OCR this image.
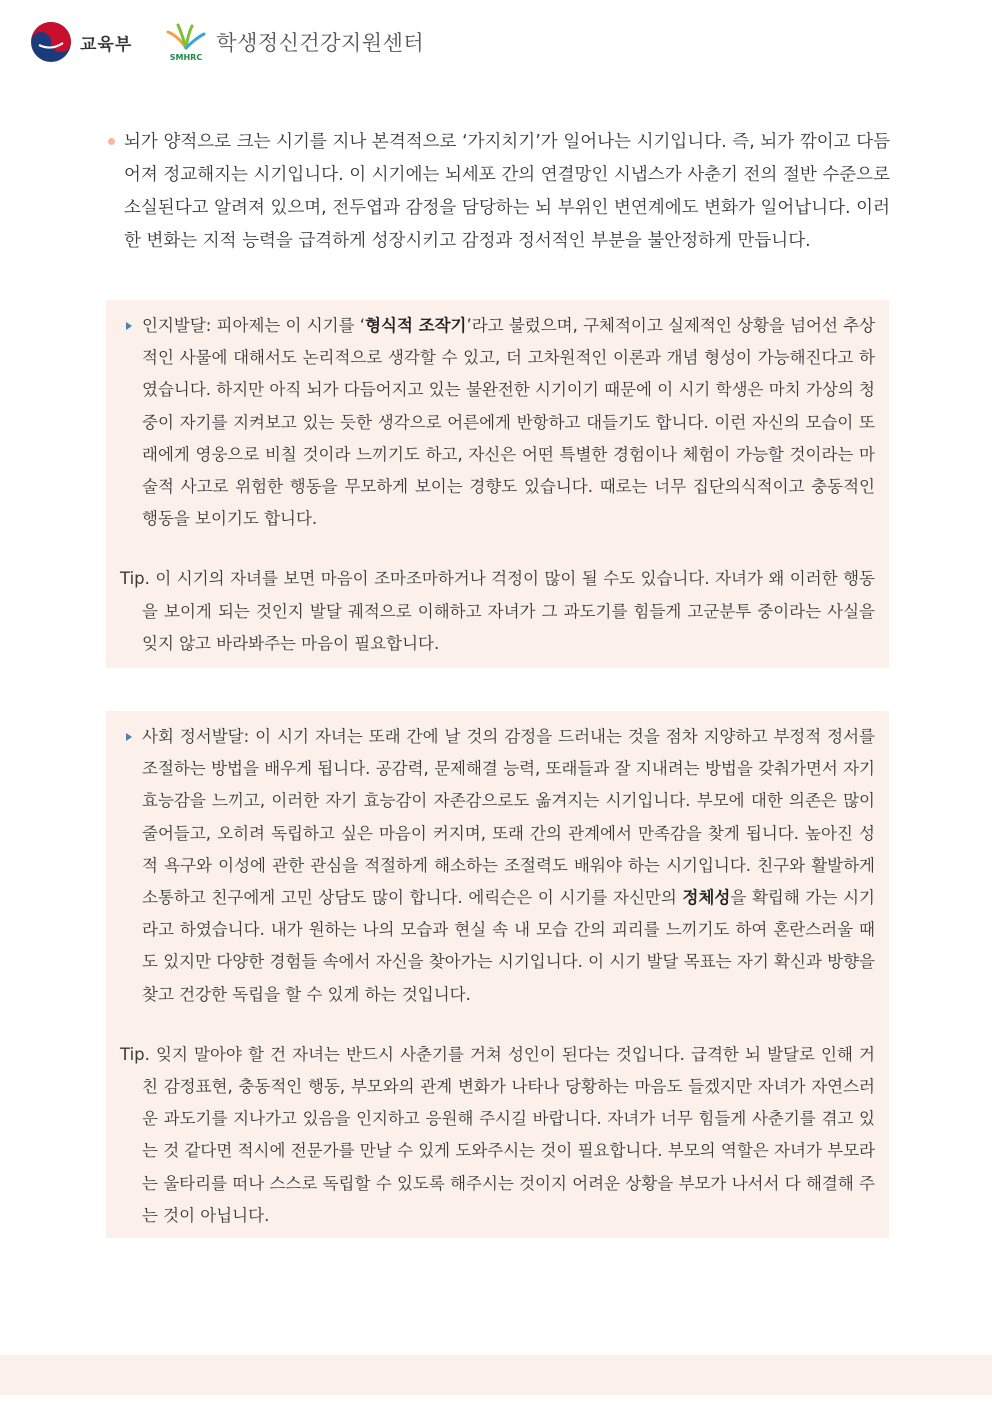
교육부
SMHRC
학생정신건강지원센터

뇌가 양적으로 크는 시기를 지나 본격적으로 ‘가지치기’가 일어나는 시기입니다. 즉, 뇌가 깎이고 다듬어져 정교해지는 시기입니다. 이 시기에는 뇌세포 간의 연결망인 시냅스가 사춘기 전의 절반 수준으로 소실된다고 알려져 있으며, 전두엽과 감정을 담당하는 뇌 부위인 변연계에도 변화가 일어납니다. 이러한 변화는 지적 능력을 급격하게 성장시키고 감정과 정서적인 부분을 불안정하게 만듭니다.

인지발달: 피아제는 이 시기를 ‘형식적 조작기’라고 불렀으며, 구체적이고 실제적인 상황을 넘어선 추상적인 사물에 대해서도 논리적으로 생각할 수 있고, 더 고차원적인 이론과 개념 형성이 가능해진다고 하였습니다. 하지만 아직 뇌가 다듬어지고 있는 불완전한 시기이기 때문에 이 시기 학생은 마치 가상의 청중이 자기를 지켜보고 있는 듯한 생각으로 어른에게 반항하고 대들기도 합니다. 이런 자신의 모습이 또래에게 영웅으로 비칠 것이라 느끼기도 하고, 자신은 어떤 특별한 경험이나 체험이 가능할 것이라는 마술적 사고로 위험한 행동을 무모하게 보이는 경향도 있습니다. 때로는 너무 집단의식적이고 충동적인 행동을 보이기도 합니다.

Tip. 이 시기의 자녀를 보면 마음이 조마조마하거나 걱정이 많이 될 수도 있습니다. 자녀가 왜 이러한 행동을 보이게 되는 것인지 발달 궤적으로 이해하고 자녀가 그 과도기를 힘들게 고군분투 중이라는 사실을 잊지 않고 바라봐주는 마음이 필요합니다.

사회 정서발달: 이 시기 자녀는 또래 간에 날 것의 감정을 드러내는 것을 점차 지양하고 부정적 정서를 조절하는 방법을 배우게 됩니다. 공감력, 문제해결 능력, 또래들과 잘 지내려는 방법을 갖춰가면서 자기 효능감을 느끼고, 이러한 자기 효능감이 자존감으로도 옮겨지는 시기입니다. 부모에 대한 의존은 많이 줄어들고, 오히려 독립하고 싶은 마음이 커지며, 또래 간의 관계에서 만족감을 찾게 됩니다. 높아진 성적 욕구와 이성에 관한 관심을 적절하게 해소하는 조절력도 배워야 하는 시기입니다. 친구와 활발하게 소통하고 친구에게 고민 상담도 많이 합니다. 에릭슨은 이 시기를 자신만의 정체성을 확립해 가는 시기라고 하였습니다. 내가 원하는 나의 모습과 현실 속 내 모습 간의 괴리를 느끼기도 하여 혼란스러울 때도 있지만 다양한 경험들 속에서 자신을 찾아가는 시기입니다. 이 시기 발달 목표는 자기 확신과 방향을 찾고 건강한 독립을 할 수 있게 하는 것입니다.

Tip. 잊지 말아야 할 건 자녀는 반드시 사춘기를 거쳐 성인이 된다는 것입니다. 급격한 뇌 발달로 인해 거친 감정표현, 충동적인 행동, 부모와의 관계 변화가 나타나 당황하는 마음도 들겠지만 자녀가 자연스러운 과도기를 지나가고 있음을 인지하고 응원해 주시길 바랍니다. 자녀가 너무 힘들게 사춘기를 겪고 있는 것 같다면 적시에 전문가를 만날 수 있게 도와주시는 것이 필요합니다. 부모의 역할은 자녀가 부모라는 울타리를 떠나 스스로 독립할 수 있도록 해주시는 것이지 어려운 상황을 부모가 나서서 다 해결해 주는 것이 아닙니다.
